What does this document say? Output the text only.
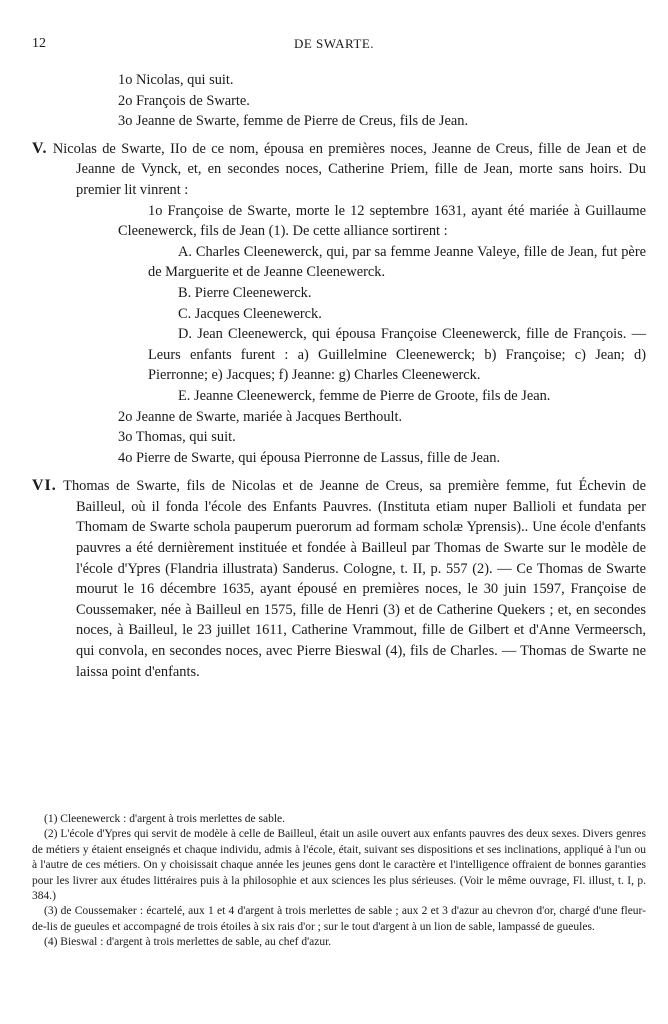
12	DE SWARTE.
1o Nicolas, qui suit.
2o François de Swarte.
3o Jeanne de Swarte, femme de Pierre de Creus, fils de Jean.
V. Nicolas de Swarte, IIo de ce nom, épousa en premières noces, Jeanne de Creus, fille de Jean et de Jeanne de Vynck, et, en secondes noces, Catherine Priem, fille de Jean, morte sans hoirs. Du premier lit vinrent :
1o Françoise de Swarte, morte le 12 septembre 1631, ayant été mariée à Guillaume Cleenewerck, fils de Jean (1). De cette alliance sortirent :
A. Charles Cleenewerck, qui, par sa femme Jeanne Valeye, fille de Jean, fut père de Marguerite et de Jeanne Cleenewerck.
B. Pierre Cleenewerck.
C. Jacques Cleenewerck.
D. Jean Cleenewerck, qui épousa Françoise Cleenewerck, fille de François. — Leurs enfants furent : a) Guillelmine Cleenewerck; b) Françoise; c) Jean; d) Pierronne; e) Jacques; f) Jeanne: g) Charles Cleenewerck.
E. Jeanne Cleenewerck, femme de Pierre de Groote, fils de Jean.
2o Jeanne de Swarte, mariée à Jacques Berthoult.
3o Thomas, qui suit.
4o Pierre de Swarte, qui épousa Pierronne de Lassus, fille de Jean.
VI. Thomas de Swarte, fils de Nicolas et de Jeanne de Creus, sa première femme, fut Échevin de Bailleul, où il fonda l'école des Enfants Pauvres. (Instituta etiam nuper Ballioli et fundata per Thomam de Swarte schola pauperum puerorum ad formam scholæ Yprensis).. Une école d'enfants pauvres a été dernièrement instituée et fondée à Bailleul par Thomas de Swarte sur le modèle de l'école d'Ypres (Flandria illustrata) Sanderus. Cologne, t. II, p. 557 (2). — Ce Thomas de Swarte mourut le 16 décembre 1635, ayant épousé en premières noces, le 30 juin 1597, Françoise de Coussemaker, née à Bailleul en 1575, fille de Henri (3) et de Catherine Quekers ; et, en secondes noces, à Bailleul, le 23 juillet 1611, Catherine Vrammout, fille de Gilbert et d'Anne Vermeersch, qui convola, en secondes noces, avec Pierre Bieswal (4), fils de Charles. — Thomas de Swarte ne laissa point d'enfants.

(1) Cleenewerck : d'argent à trois merlettes de sable.

(2) L'école d'Ypres qui servit de modèle à celle de Bailleul, était un asile ouvert aux enfants pauvres des deux sexes. Divers genres de métiers y étaient enseignés et chaque individu, admis à l'école, était, suivant ses dispositions et ses inclinations, appliqué à l'un ou à l'autre de ces métiers. On y choisissait chaque année les jeunes gens dont le caractère et l'intelligence offraient de bonnes garanties pour les livrer aux études littéraires puis à la philosophie et aux sciences les plus sérieuses. (Voir le même ouvrage, Fl. illust, t. I, p. 384.)

(3) de Coussemaker : écartelé, aux 1 et 4 d'argent à trois merlettes de sable ; aux 2 et 3 d'azur au chevron d'or, chargé d'une fleur-de-lis de gueules et accompagné de trois étoiles à six rais d'or ; sur le tout d'argent à un lion de sable, lampassé de gueules.

(4) Bieswal : d'argent à trois merlettes de sable, au chef d'azur.
